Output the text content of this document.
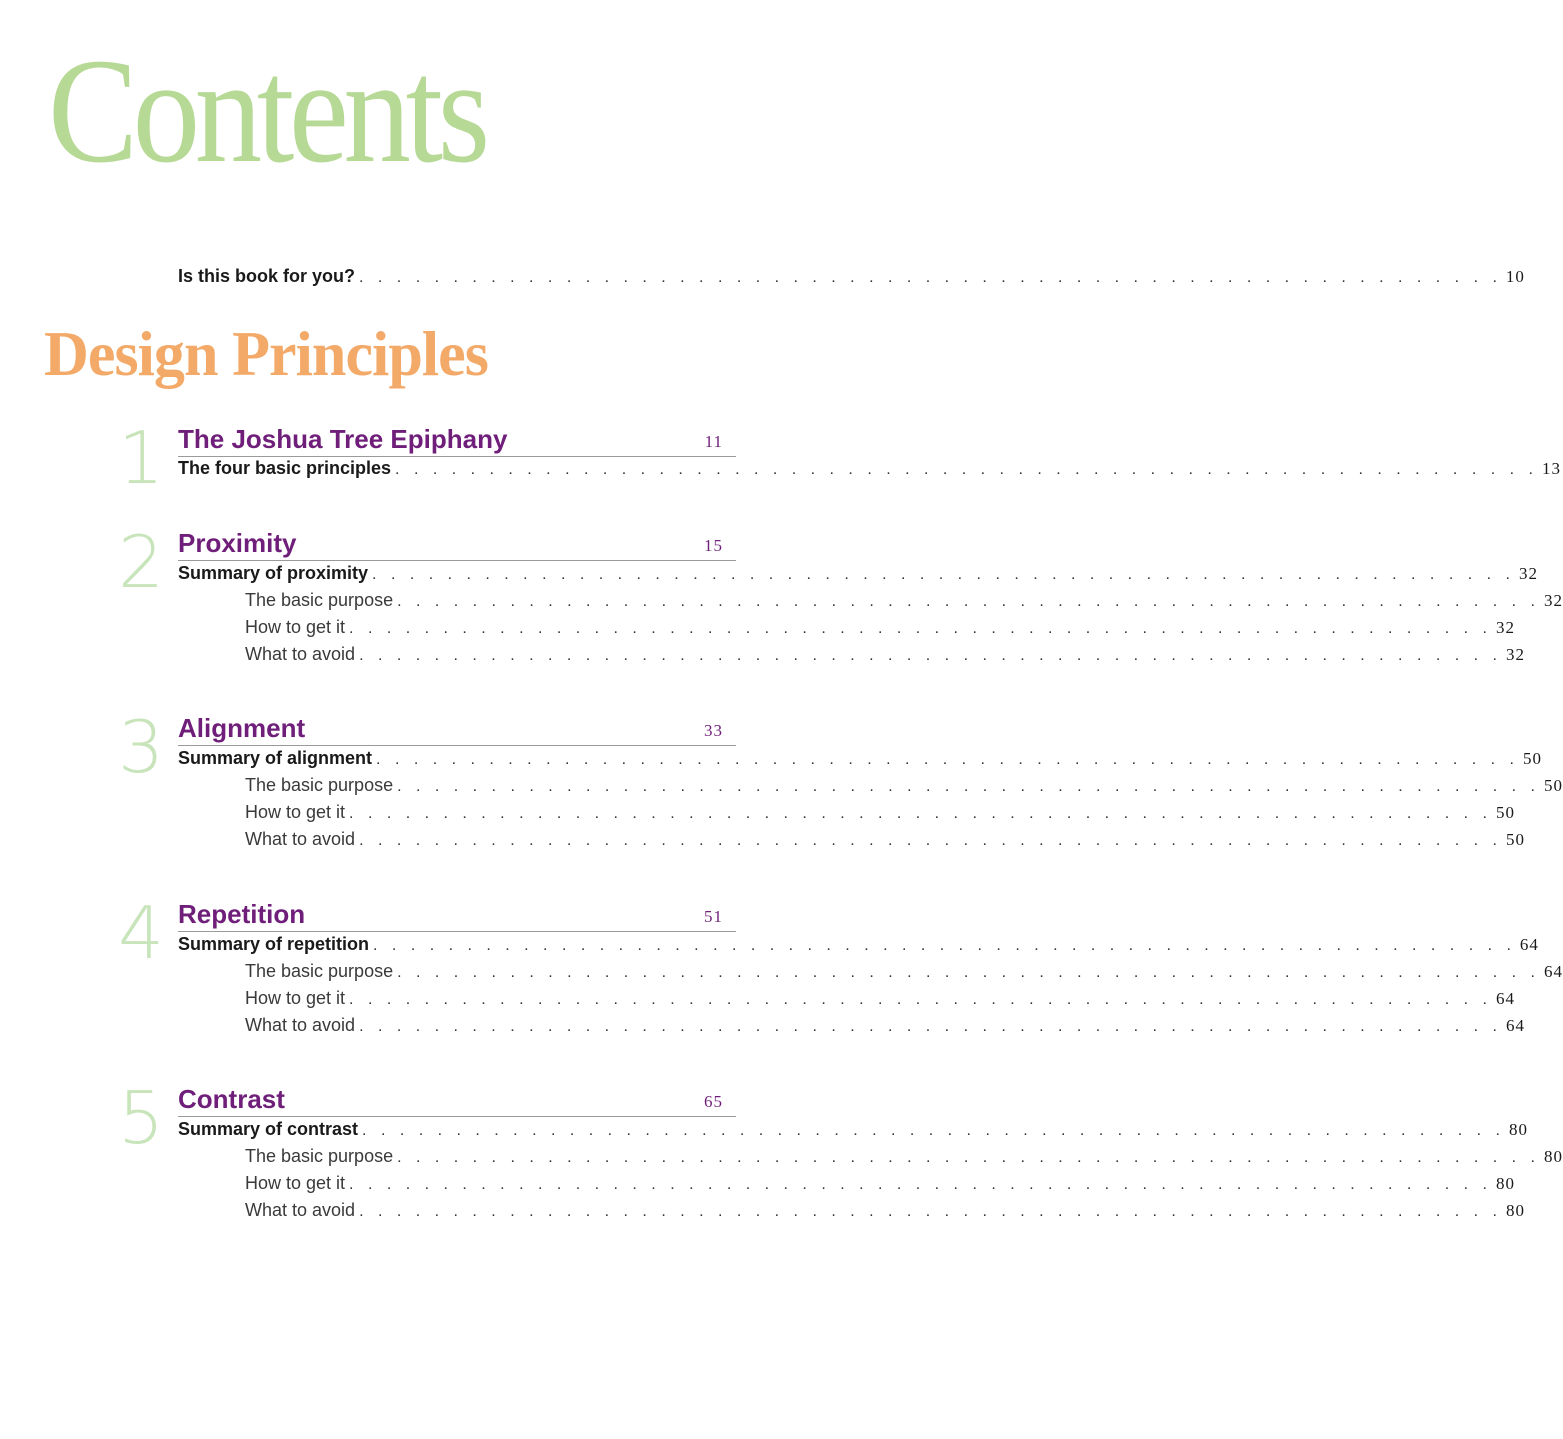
Contents
Is this book for you? . . . . . . . . . . . . . . . . . . . . . . . . . . . . . . . . . . . . . . . . . . . . . . . . . . . . . . . . . . . . . 10
Design Principles
1 The Joshua Tree Epiphany	11
The four basic principles . . . . . . . . . . . . . . . . . . . . . . . . . . . . . . . . . . . . . . . . . . . . . . . . . . . . . . . . . . . . . 13
2 Proximity	15
Summary of proximity . . . . . . . . . . . . . . . . . . . . . . . . . . . . . . . . . . . . . . . . . . . . . . . . . . . . . . . . . . . . . 32
The basic purpose . . . . . . . . . . . . . . . . . . . . . . . . . . . . . . . . . . . . . . . . . . . . . . . . . . . . . . . . . . . . . 32
How to get it . . . . . . . . . . . . . . . . . . . . . . . . . . . . . . . . . . . . . . . . . . . . . . . . . . . . . . . . . . . . . 32
What to avoid . . . . . . . . . . . . . . . . . . . . . . . . . . . . . . . . . . . . . . . . . . . . . . . . . . . . . . . . . . . . . 32
3 Alignment	33
Summary of alignment . . . . . . . . . . . . . . . . . . . . . . . . . . . . . . . . . . . . . . . . . . . . . . . . . . . . . . . . . . . . . 50
The basic purpose . . . . . . . . . . . . . . . . . . . . . . . . . . . . . . . . . . . . . . . . . . . . . . . . . . . . . . . . . . . . . 50
How to get it . . . . . . . . . . . . . . . . . . . . . . . . . . . . . . . . . . . . . . . . . . . . . . . . . . . . . . . . . . . . . 50
What to avoid . . . . . . . . . . . . . . . . . . . . . . . . . . . . . . . . . . . . . . . . . . . . . . . . . . . . . . . . . . . . . 50
4 Repetition	51
Summary of repetition . . . . . . . . . . . . . . . . . . . . . . . . . . . . . . . . . . . . . . . . . . . . . . . . . . . . . . . . . . . . . 64
The basic purpose . . . . . . . . . . . . . . . . . . . . . . . . . . . . . . . . . . . . . . . . . . . . . . . . . . . . . . . . . . . . . 64
How to get it . . . . . . . . . . . . . . . . . . . . . . . . . . . . . . . . . . . . . . . . . . . . . . . . . . . . . . . . . . . . . 64
What to avoid . . . . . . . . . . . . . . . . . . . . . . . . . . . . . . . . . . . . . . . . . . . . . . . . . . . . . . . . . . . . . 64
5 Contrast	65
Summary of contrast . . . . . . . . . . . . . . . . . . . . . . . . . . . . . . . . . . . . . . . . . . . . . . . . . . . . . . . . . . . . . 80
The basic purpose . . . . . . . . . . . . . . . . . . . . . . . . . . . . . . . . . . . . . . . . . . . . . . . . . . . . . . . . . . . . . 80
How to get it . . . . . . . . . . . . . . . . . . . . . . . . . . . . . . . . . . . . . . . . . . . . . . . . . . . . . . . . . . . . . 80
What to avoid . . . . . . . . . . . . . . . . . . . . . . . . . . . . . . . . . . . . . . . . . . . . . . . . . . . . . . . . . . . . . 80
